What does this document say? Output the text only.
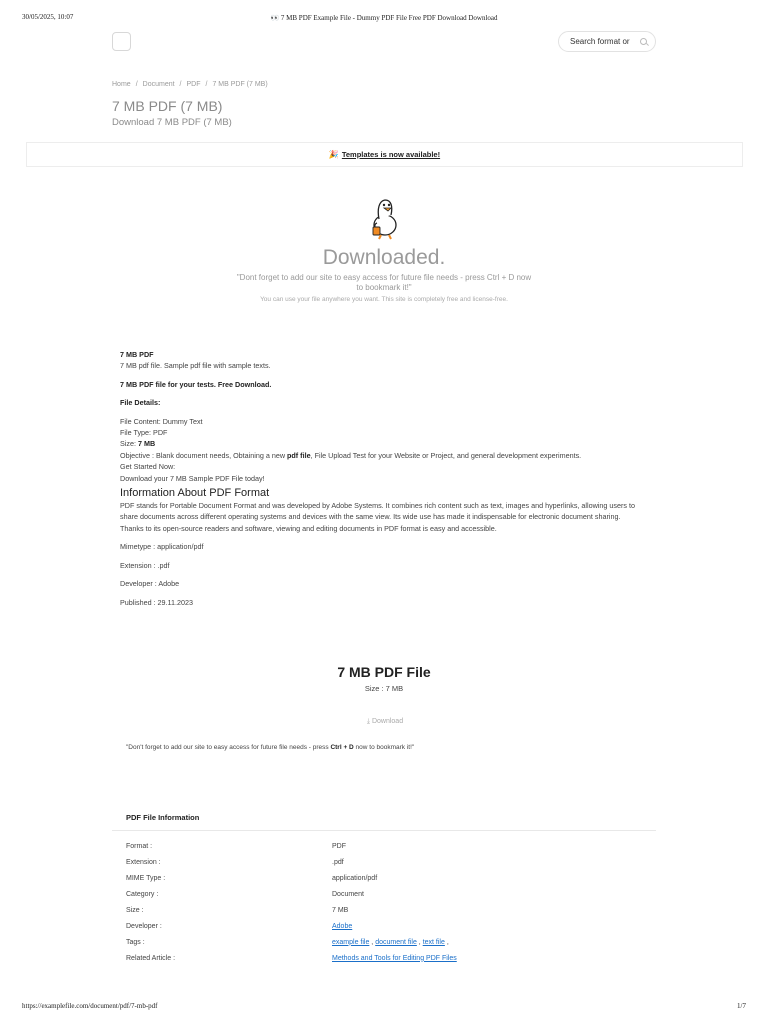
30/05/2025, 10:07	👀 7 MB PDF Example File - Dummy PDF File Free PDF Download Download
Search format or
Home / Document / PDF / 7 MB PDF (7 MB)
7 MB PDF (7 MB)
Download 7 MB PDF (7 MB)
🎉 Templates is now available!
Downloaded.
"Dont forget to add our site to easy access for future file needs - press Ctrl + D now to bookmark it!"
You can use your file anywhere you want. This site is completely free and license-free.

7 MB PDF

7 MB pdf file. Sample pdf file with sample texts.

7 MB PDF file for your tests. Free Download.

File Details:

File Content: Dummy Text

File Type: PDF

Size: 7 MB

Objective : Blank document needs, Obtaining a new pdf file, File Upload Test for your Website or Project, and general development experiments.

Get Started Now:

Download your 7 MB Sample PDF File today!

Information About PDF Format

PDF stands for Portable Document Format and was developed by Adobe Systems. It combines rich content such as text, images and hyperlinks, allowing users to share documents across different operating systems and devices with the same view. Its wide use has made it indispensable for electronic document sharing. Thanks to its open-source readers and software, viewing and editing documents in PDF format is easy and accessible.

Mimetype : application/pdf

Extension : .pdf

Developer : Adobe

Published : 29.11.2023

7 MB PDF File
Size : 7 MB
⤓ Download
"Don't forget to add our site to easy access for future file needs - press Ctrl + D now to bookmark it!"
PDF File Information
Format :	PDF
Extension :	.pdf
MIME Type :	application/pdf
Category :	Document
Size :	7 MB
Developer :	Adobe
Tags :	example file , document file , text file ,
Related Article :	Methods and Tools for Editing PDF Files
https://examplefile.com/document/pdf/7-mb-pdf	1/7
